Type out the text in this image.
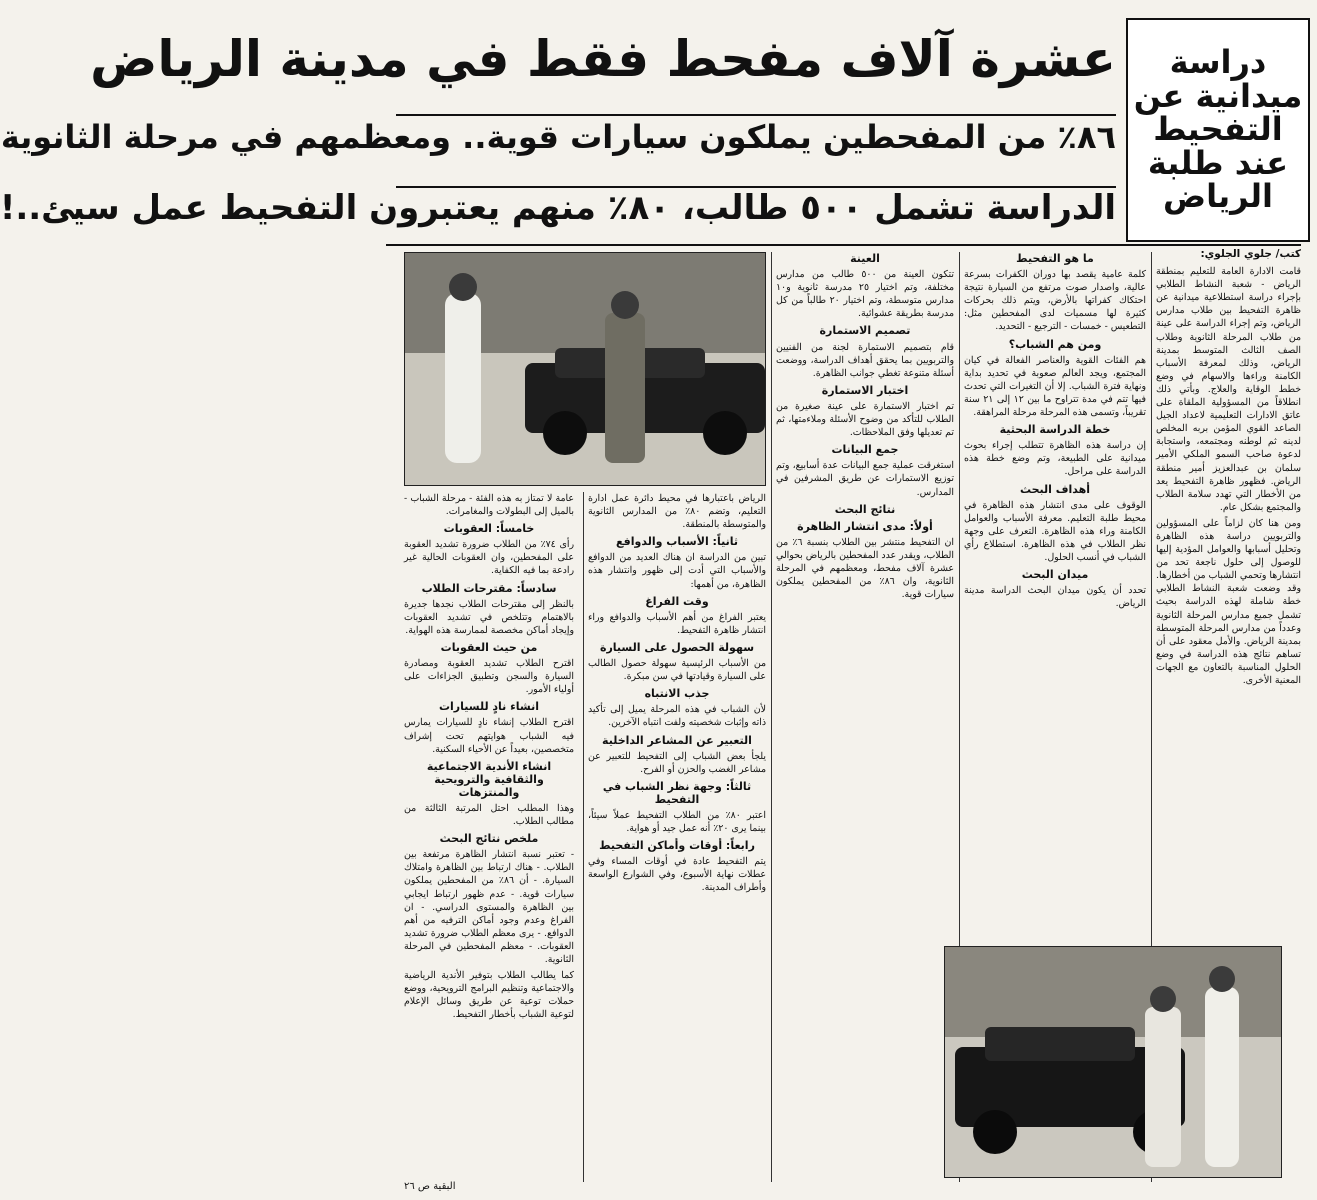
دراسة ميدانية عن التفحيط عند طلبة الرياض
عشرة آلاف مفحط فقط في مدينة الرياض
٨٦٪ من المفحطين يملكون سيارات قوية.. ومعظمهم في مرحلة الثانوية
الدراسة تشمل ٥٠٠ طالب، ٨٠٪ منهم يعتبرون التفحيط عمل سيئ..!
كتب/ جلوي الجلوي:

قامت الادارة العامة للتعليم بمنطقة الرياض - شعبة النشاط الطلابي بإجراء دراسة استطلاعية ميدانية عن ظاهرة التفحيط بين طلاب مدارس الرياض، وتم إجراء الدراسة على عينة من طلاب المرحلة الثانوية وطلاب الصف الثالث المتوسط بمدينة الرياض، وذلك لمعرفة الأسباب الكامنة وراءها والاسهام في وضع خطط الوقاية والعلاج. وبأتي ذلك انطلاقاً من المسؤولية الملقاة على عاتق الادارات التعليمية لاعداد الجيل الصاعد القوي المؤمن بربه المخلص لدينه ثم لوطنه ومجتمعه، واستجابة لدعوة صاحب السمو الملكي الأمير سلمان بن عبدالعزيز أمير منطقة الرياض. فظهور ظاهرة التفحيط يعد من الأخطار التي تهدد سلامة الطلاب والمجتمع بشكل عام.

ومن هنا كان لزاماً على المسؤولين والتربويين دراسة هذه الظاهرة وتحليل أسبابها والعوامل المؤدية إليها للوصول إلى حلول ناجعة تحد من انتشارها وتحمي الشباب من أخطارها. وقد وضعت شعبة النشاط الطلابي خطة شاملة لهذه الدراسة بحيث تشمل جميع مدارس المرحلة الثانوية وعدداً من مدارس المرحلة المتوسطة بمدينة الرياض. والأمل معقود على أن تساهم نتائج هذه الدراسة في وضع الحلول المناسبة بالتعاون مع الجهات المعنية الأخرى.

ما هو التفحيط

كلمة عامية يقصد بها دوران الكفرات بسرعة عالية، واصدار صوت مرتفع من السيارة نتيجة احتكاك كفراتها بالأرض، ويتم ذلك بحركات كثيرة لها مسميات لدى المفحطين مثل: التطعيس - خمسات - الترجيع - التحديد.

ومن هم الشباب؟

هم الفئات القوية والعناصر الفعالة في كيان المجتمع، ويجد العالم صعوبة في تحديد بداية ونهاية فترة الشباب. إلا أن التغيرات التي تحدث فيها تتم في مدة تتراوح ما بين ١٢ إلى ٢١ سنة تقريباً، وتسمى هذه المرحلة مرحلة المراهقة.

خطة الدراسة البحثية

إن دراسة هذه الظاهرة تتطلب إجراء بحوث ميدانية على الطبيعة، وتم وضع خطة هذه الدراسة على مراحل.

أهداف البحث

الوقوف على مدى انتشار هذه الظاهرة في محيط طلبة التعليم. معرفة الأسباب والعوامل الكامنة وراء هذه الظاهرة. التعرف على وجهة نظر الطلاب في هذه الظاهرة. استطلاع رأي الشباب في أنسب الحلول.

ميدان البحث

تحدد أن يكون ميدان البحث الدراسة مدينة الرياض.

العينة

تتكون العينة من ٥٠٠ طالب من مدارس مختلفة، وتم اختيار ٢٥ مدرسة ثانوية و١٠ مدارس متوسطة، وتم اختيار ٢٠ طالباً من كل مدرسة بطريقة عشوائية.

تصميم الاستمارة

قام بتصميم الاستمارة لجنة من الفنيين والتربويين بما يحقق أهداف الدراسة، ووضعت أسئلة متنوعة تغطي جوانب الظاهرة.

اختبار الاستمارة

تم اختبار الاستمارة على عينة صغيرة من الطلاب للتأكد من وضوح الأسئلة وملاءمتها، ثم تم تعديلها وفق الملاحظات.

جمع البيانات

استغرقت عملية جمع البيانات عدة أسابيع، وتم توزيع الاستمارات عن طريق المشرفين في المدارس.

نتائج البحث
أولاً: مدى انتشار الظاهرة

ان التفحيط منتشر بين الطلاب بنسبة ٦٪ من الطلاب، ويقدر عدد المفحطين بالرياض بحوالي عشرة آلاف مفحط، ومعظمهم في المرحلة الثانوية، وان ٨٦٪ من المفحطين يملكون سيارات قوية.

الرياض باعتبارها في محيط دائرة عمل ادارة التعليم، وتضم ٨٠٪ من المدارس الثانوية والمتوسطة بالمنطقة.

ثانياً: الأسباب والدوافع

تبين من الدراسة ان هناك العديد من الدوافع والأسباب التي أدت إلى ظهور وانتشار هذه الظاهرة، من أهمها:

وقت الفراغ

يعتبر الفراغ من أهم الأسباب والدوافع وراء انتشار ظاهرة التفحيط.

سهولة الحصول على السيارة

من الأسباب الرئيسية سهولة حصول الطالب على السيارة وقيادتها في سن مبكرة.

جذب الانتباه

لأن الشباب في هذه المرحلة يميل إلى تأكيد ذاته وإثبات شخصيته ولفت انتباه الآخرين.

التعبير عن المشاعر الداخلية

يلجأ بعض الشباب إلى التفحيط للتعبير عن مشاعر الغضب والحزن أو الفرح.

ثالثاً: وجهة نظر الشباب في التفحيط

اعتبر ٨٠٪ من الطلاب التفحيط عملاً سيئاً، بينما يرى ٢٠٪ أنه عمل جيد أو هواية.

رابعاً: أوقات وأماكن التفحيط

يتم التفحيط عادة في أوقات المساء وفي عطلات نهاية الأسبوع، وفي الشوارع الواسعة وأطراف المدينة.

عامة لا تمتاز به هذه الفئة - مرحلة الشباب - بالميل إلى البطولات والمغامرات.

خامساً: العقوبات

رأى ٧٤٪ من الطلاب ضرورة تشديد العقوبة على المفحطين، وان العقوبات الحالية غير رادعة بما فيه الكفاية.

سادساً: مقترحات الطلاب

بالنظر إلى مقترحات الطلاب نجدها جديرة بالاهتمام وتتلخص في تشديد العقوبات وإيجاد أماكن مخصصة لممارسة هذه الهواية.

من حيث العقوبات

اقترح الطلاب تشديد العقوبة ومصادرة السيارة والسجن وتطبيق الجزاءات على أولياء الأمور.

انشاء نادٍ للسيارات

اقترح الطلاب إنشاء نادٍ للسيارات يمارس فيه الشباب هوايتهم تحت إشراف متخصصين، بعيداً عن الأحياء السكنية.

انشاء الأندية الاجتماعية والثقافية والترويحية والمنتزهات

وهذا المطلب احتل المرتبة الثالثة من مطالب الطلاب.

ملخص نتائج البحث

- تعتبر نسبة انتشار الظاهرة مرتفعة بين الطلاب. - هناك ارتباط بين الظاهرة وامتلاك السيارة. - أن ٨٦٪ من المفحطين يملكون سيارات قوية. - عدم ظهور ارتباط ايجابي بين الظاهرة والمستوى الدراسي. - ان الفراغ وعدم وجود أماكن الترفيه من أهم الدوافع. - يرى معظم الطلاب ضرورة تشديد العقوبات. - معظم المفحطين في المرحلة الثانوية.

كما يطالب الطلاب بتوفير الأندية الرياضية والاجتماعية وتنظيم البرامج الترويحية، ووضع حملات توعية عن طريق وسائل الإعلام لتوعية الشباب بأخطار التفحيط.

البقية ص ٢٦
